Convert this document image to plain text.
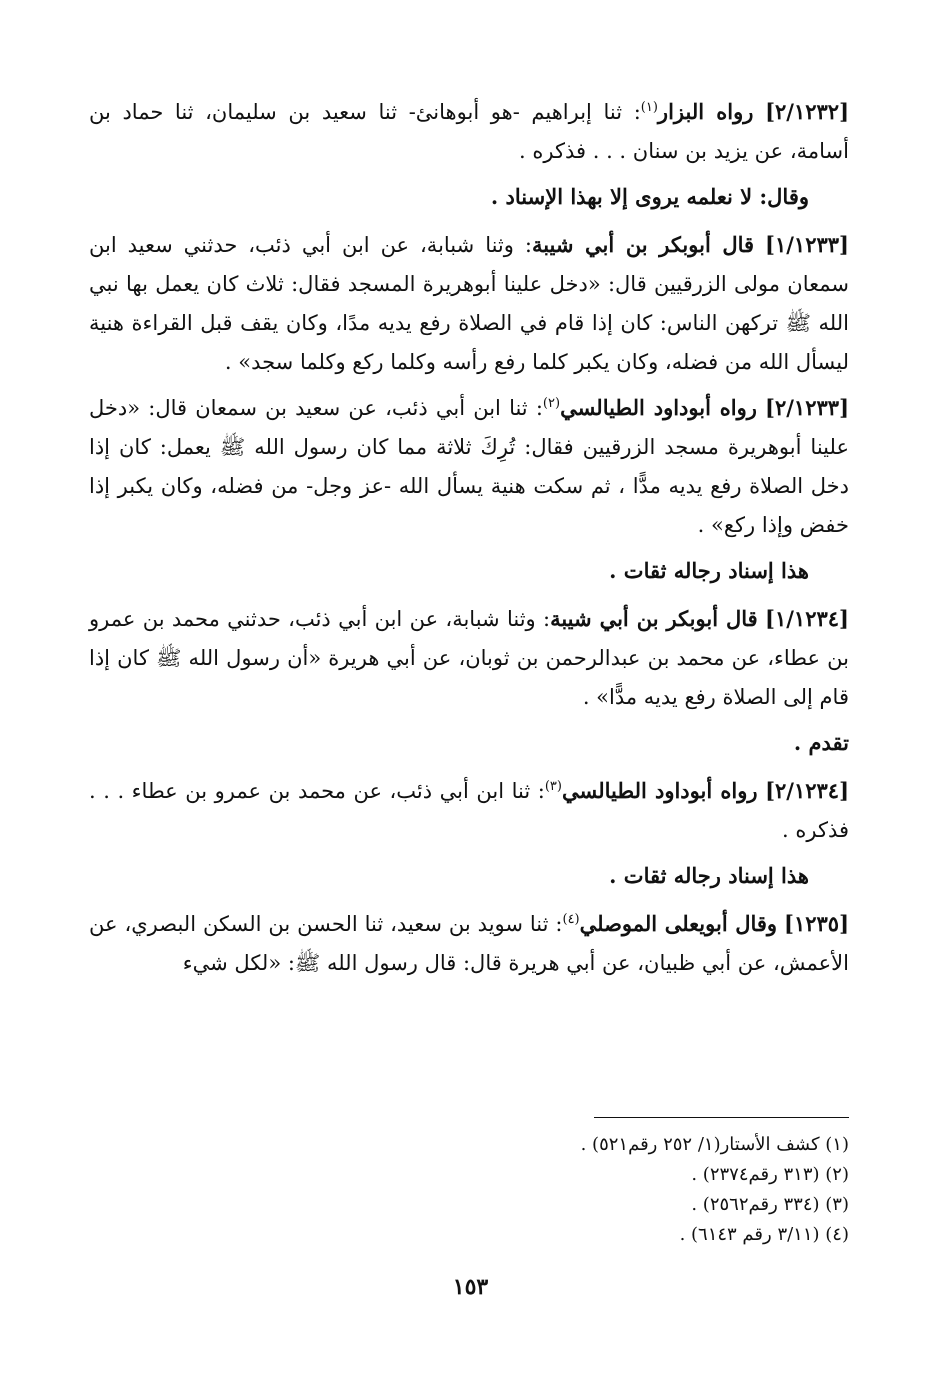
[٢/١٢٣٢] رواه البزار$^{(١)}$: ثنا إبراهيم -هو أبوهانئ- ثنا سعيد بن سليمان، ثنا حماد بن أسامة، عن يزيد بن سنان . . . فذكره .

وقال: لا نعلمه يروى إلا بهذا الإسناد .

[١/١٢٣٣] قال أبوبكر بن أبي شيبة: وثنا شبابة، عن ابن أبي ذئب، حدثني سعيد ابن سمعان مولى الزرقيين قال: «دخل علينا أبوهريرة المسجد فقال: ثلاث كان يعمل بها نبي الله ﷺ تركهن الناس: كان إذا قام في الصلاة رفع يديه مدًا، وكان يقف قبل القراءة هنية ليسأل الله من فضله، وكان يكبر كلما رفع رأسه وكلما ركع وكلما سجد» .

[٢/١٢٣٣] رواه أبوداود الطيالسي$^{(٢)}$: ثنا ابن أبي ذئب، عن سعيد بن سمعان قال: «دخل علينا أبوهريرة مسجد الزرقيين فقال: تُرِكَ ثلاثة مما كان رسول الله ﷺ يعمل: كان إذا دخل الصلاة رفع يديه مدًّا ، ثم سكت هنية يسأل الله -عز وجل- من فضله، وكان يكبر إذا خفض وإذا ركع» .

هذا إسناد رجاله ثقات .

[١/١٢٣٤] قال أبوبكر بن أبي شيبة: وثنا شبابة، عن ابن أبي ذئب، حدثني محمد بن عمرو بن عطاء، عن محمد بن عبدالرحمن بن ثوبان، عن أبي هريرة «أن رسول الله ﷺ كان إذا قام إلى الصلاة رفع يديه مدًّا» .

تقدم .

[٢/١٢٣٤] رواه أبوداود الطيالسي$^{(٣)}$: ثنا ابن أبي ذئب، عن محمد بن عمرو بن عطاء . . . فذكره .

هذا إسناد رجاله ثقات .

[١٢٣٥] وقال أبويعلى الموصلي$^{(٤)}$: ثنا سويد بن سعيد، ثنا الحسن بن السكن البصري، عن الأعمش، عن أبي ظبيان، عن أبي هريرة قال: قال رسول الله ﷺ: «لكل شيء

(١) كشف الأستار(١/ ٢٥٢ رقم٥٢١) .

(٢) (٣١٣ رقم٢٣٧٤) .

(٣) (٣٣٤ رقم٢٥٦٢) .

(٤) (٣/١١ رقم ٦١٤٣) .

١٥٣
